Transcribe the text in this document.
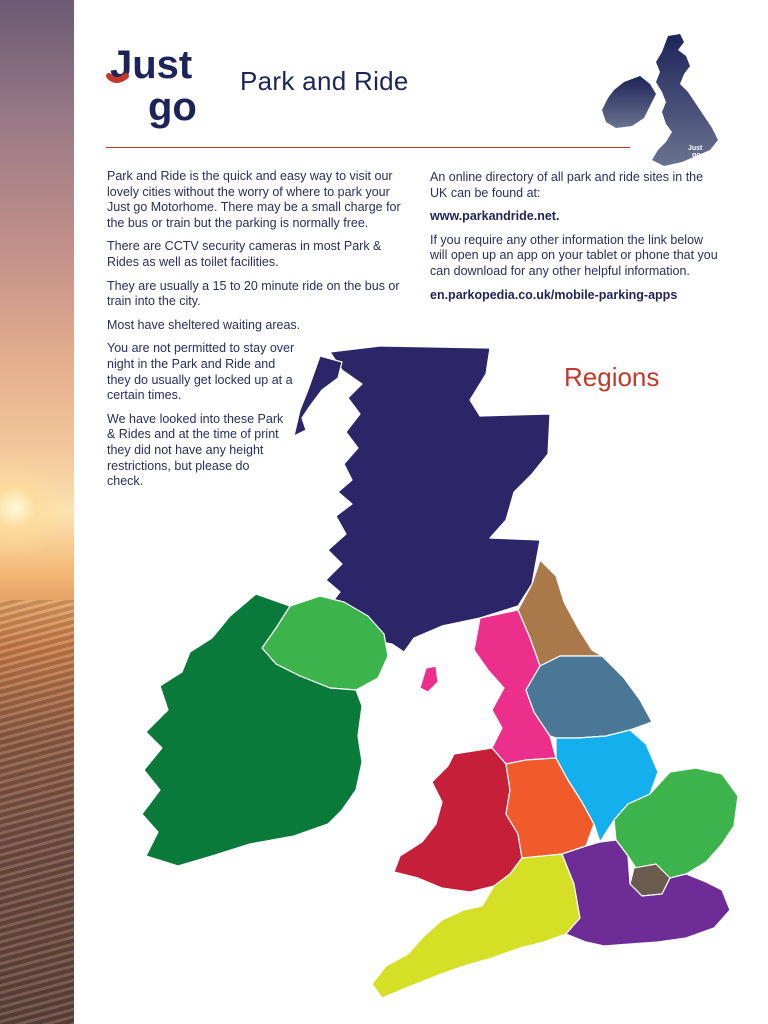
Just
go
Park and Ride
Just
go

Park and Ride is the quick and easy way to visit our lovely cities without the worry of where to park your Just go Motorhome. There may be a small charge for the bus or train but the parking is normally free.

There are CCTV security cameras in most Park & Rides as well as toilet facilities.

They are usually a 15 to 20 minute ride on the bus or train into the city.

Most have sheltered waiting areas.

You are not permitted to stay over night in the Park and Ride and they do usually get locked up at a certain times.

We have looked into these Park & Rides and at the time of print they did not have any height restrictions, but please do check.

An online directory of all park and ride sites in the UK can be found at:

www.parkandride.net.

If you require any other information the link below will open up an app on your tablet or phone that you can download for any other helpful information.

en.parkopedia.co.uk/mobile-parking-apps

Regions
